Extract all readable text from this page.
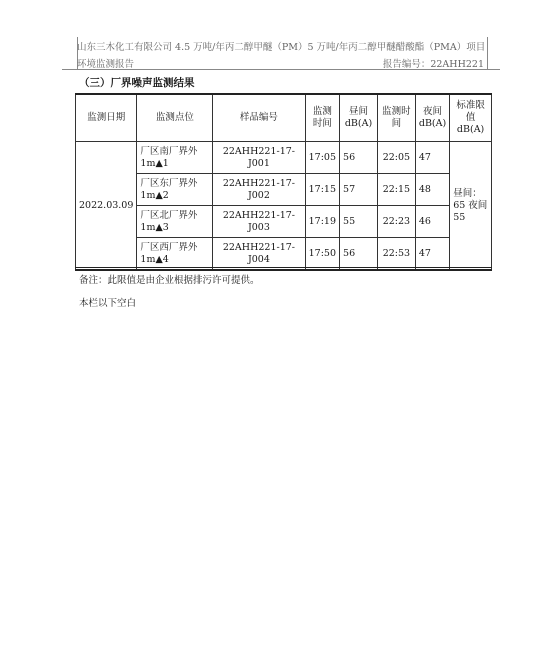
山东三木化工有限公司 4.5 万吨/年丙二醇甲醚（PM）5 万吨/年丙二醇甲醚醋酸酯（PMA）项目
环境监测报告	报告编号：22AHH221
（三）厂界噪声监测结果
监测日期	监测点位	样品编号	监测时间	昼间dB(A)	监测时间	夜间dB(A)	标准限值dB(A)
2022.03.09	厂区南厂界外1m▲1	22AHH221-17-J001	17:05	56	22:05	47	昼间：65 夜间 55
	厂区东厂界外1m▲2	22AHH221-17-J002	17:15	57	22:15	48	
	厂区北厂界外1m▲3	22AHH221-17-J003	17:19	55	22:23	46	
	厂区西厂界外1m▲4	22AHH221-17-J004	17:50	56	22:53	47	
备注：此限值是由企业根据排污许可提供。
本栏以下空白
